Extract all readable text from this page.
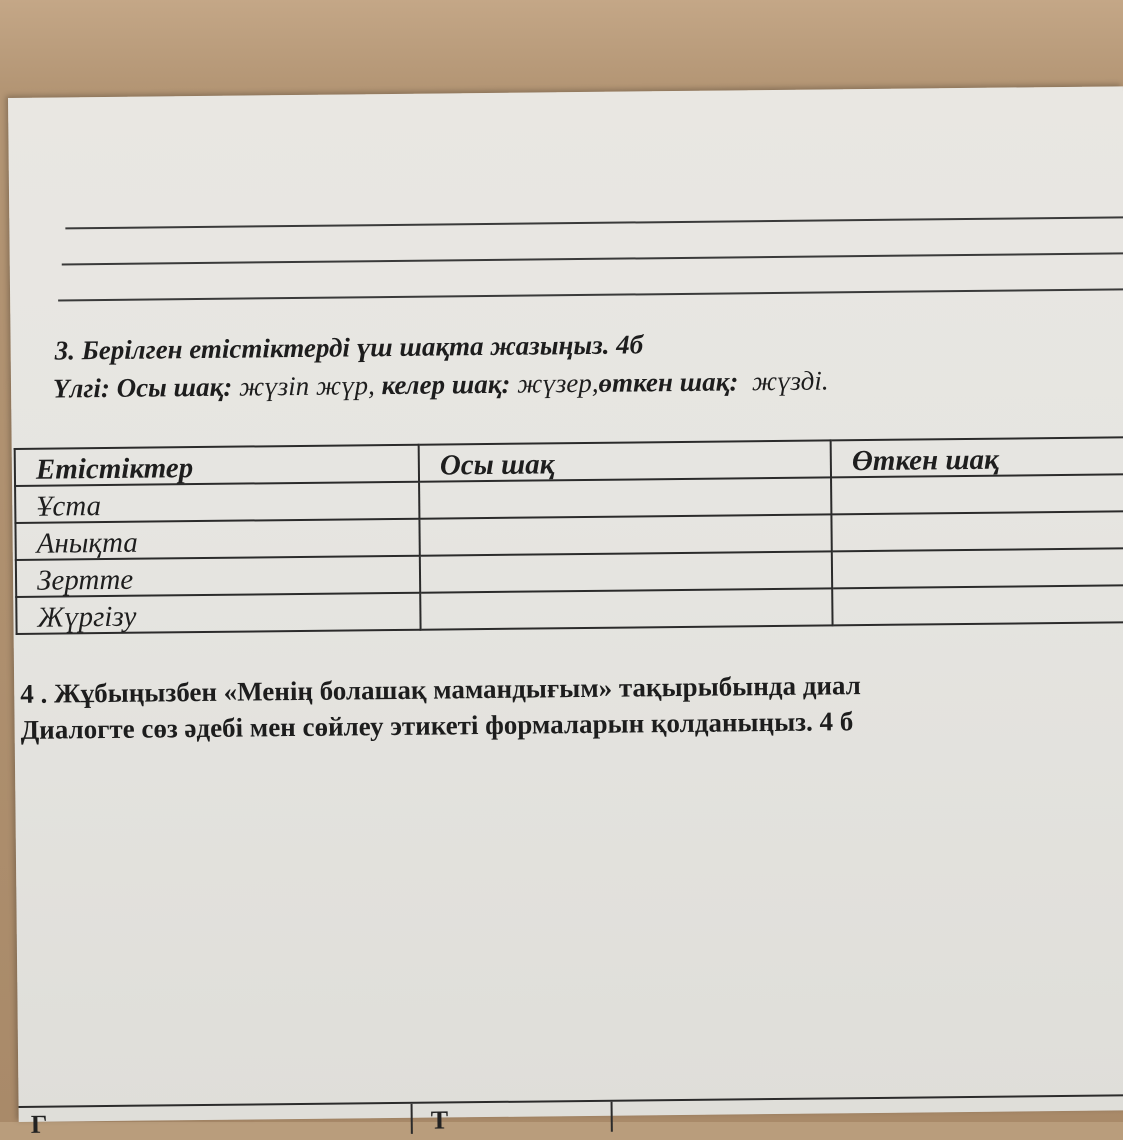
3. Берілген етістіктерді үш шақта жазыңыз. 4б
Үлгі: Осы шақ: жүзіп жүр, келер шақ: жүзер,өткен шақ: жүзді.
Етістіктер	Осы шақ	Өткен шақ
Ұста		
Анықта		
Зертте		
Жүргізу		
4 . Жұбыңызбен «Менің болашақ мамандығым» тақырыбында диал
Диалогте сөз әдебі мен сөйлеу этикеті формаларын қолданыңыз. 4 б
Г	Т
